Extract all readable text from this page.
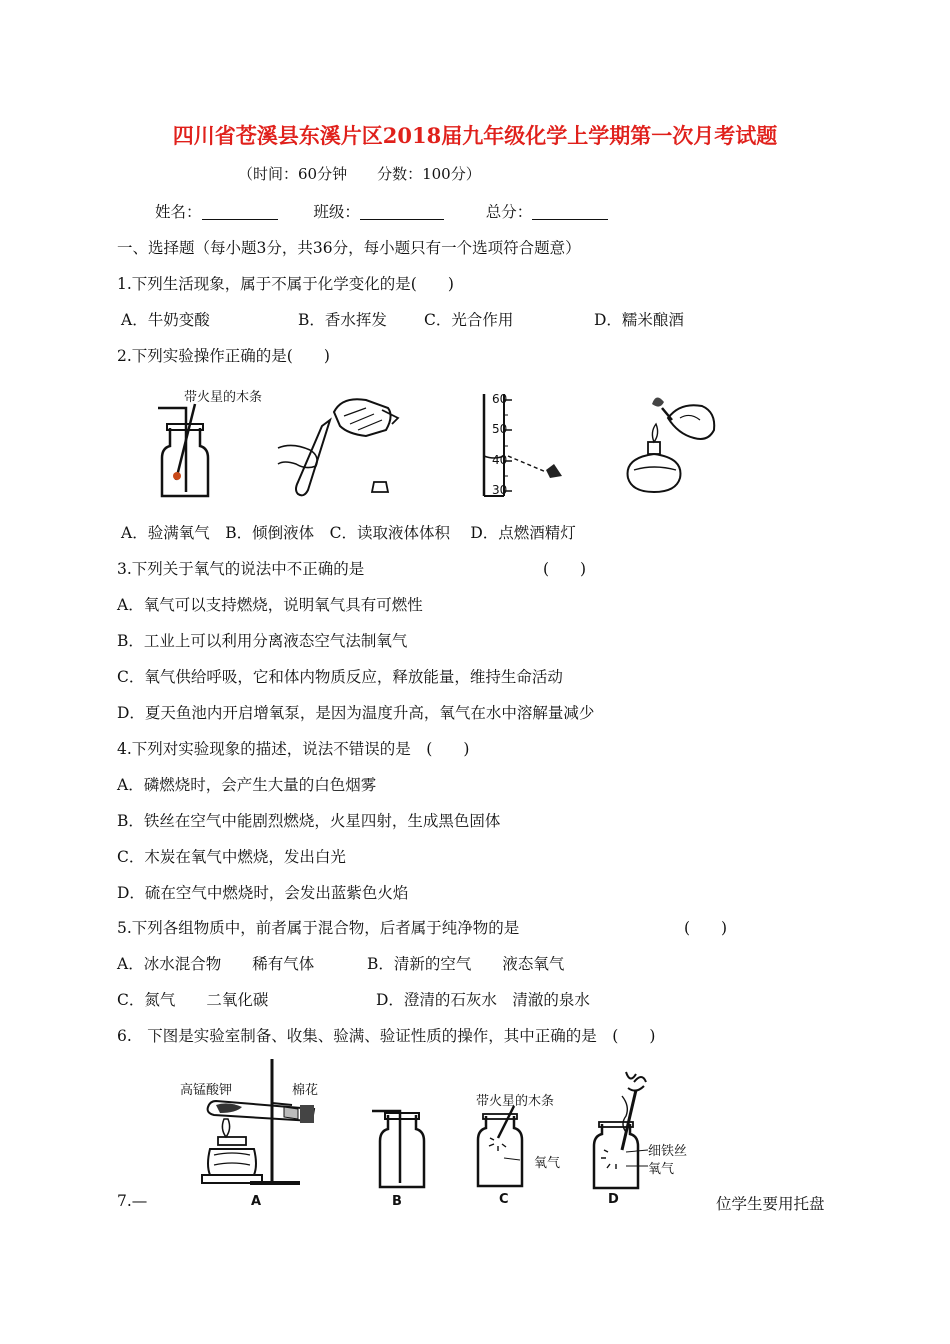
四川省苍溪县东溪片区2018届九年级化学上学期第一次月考试题
（时间：60分钟　　分数：100分）
姓名：	班级：	总分：
一、选择题（每小题3分，共36分，每小题只有一个选项符合题意）
1.下列生活现象，属于不属于化学变化的是(　　)
A．牛奶变酸	B．香水挥发 C．光合作用	D．糯米酿酒
2.下列实验操作正确的是(　　)
带火星的木条	60
50
40
30
A．验满氧气　B．倾倒液体　C．读取液体体积　 D．点燃酒精灯
3.下列关于氧气的说法中不正确的是	(　　)
A．氧气可以支持燃烧，说明氧气具有可燃性
B．工业上可以利用分离液态空气法制氧气
C．氧气供给呼吸，它和体内物质反应，释放能量，维持生命活动
D．夏天鱼池内开启增氧泵，是因为温度升高，氧气在水中溶解量减少
4.下列对实验现象的描述，说法不错误的是　(　　)
A．磷燃烧时，会产生大量的白色烟雾
B．铁丝在空气中能剧烈燃烧，火星四射，生成黑色固体
C．木炭在氧气中燃烧，发出白光
D．硫在空气中燃烧时，会发出蓝紫色火焰
5.下列各组物质中，前者属于混合物，后者属于纯净物的是	(　　)
A．冰水混合物　　稀有气体	B．清新的空气　　液态氧气
C．氮气　　二氧化碳	D．澄清的石灰水　清澈的泉水
6.　下图是实验室制备、收集、验满、验证性质的操作，其中正确的是　(　　)
高锰酸钾	棉花
A	B
带火星的木条
氧气
C
细铁丝
氧气
D
7.—	位学生要用托盘
